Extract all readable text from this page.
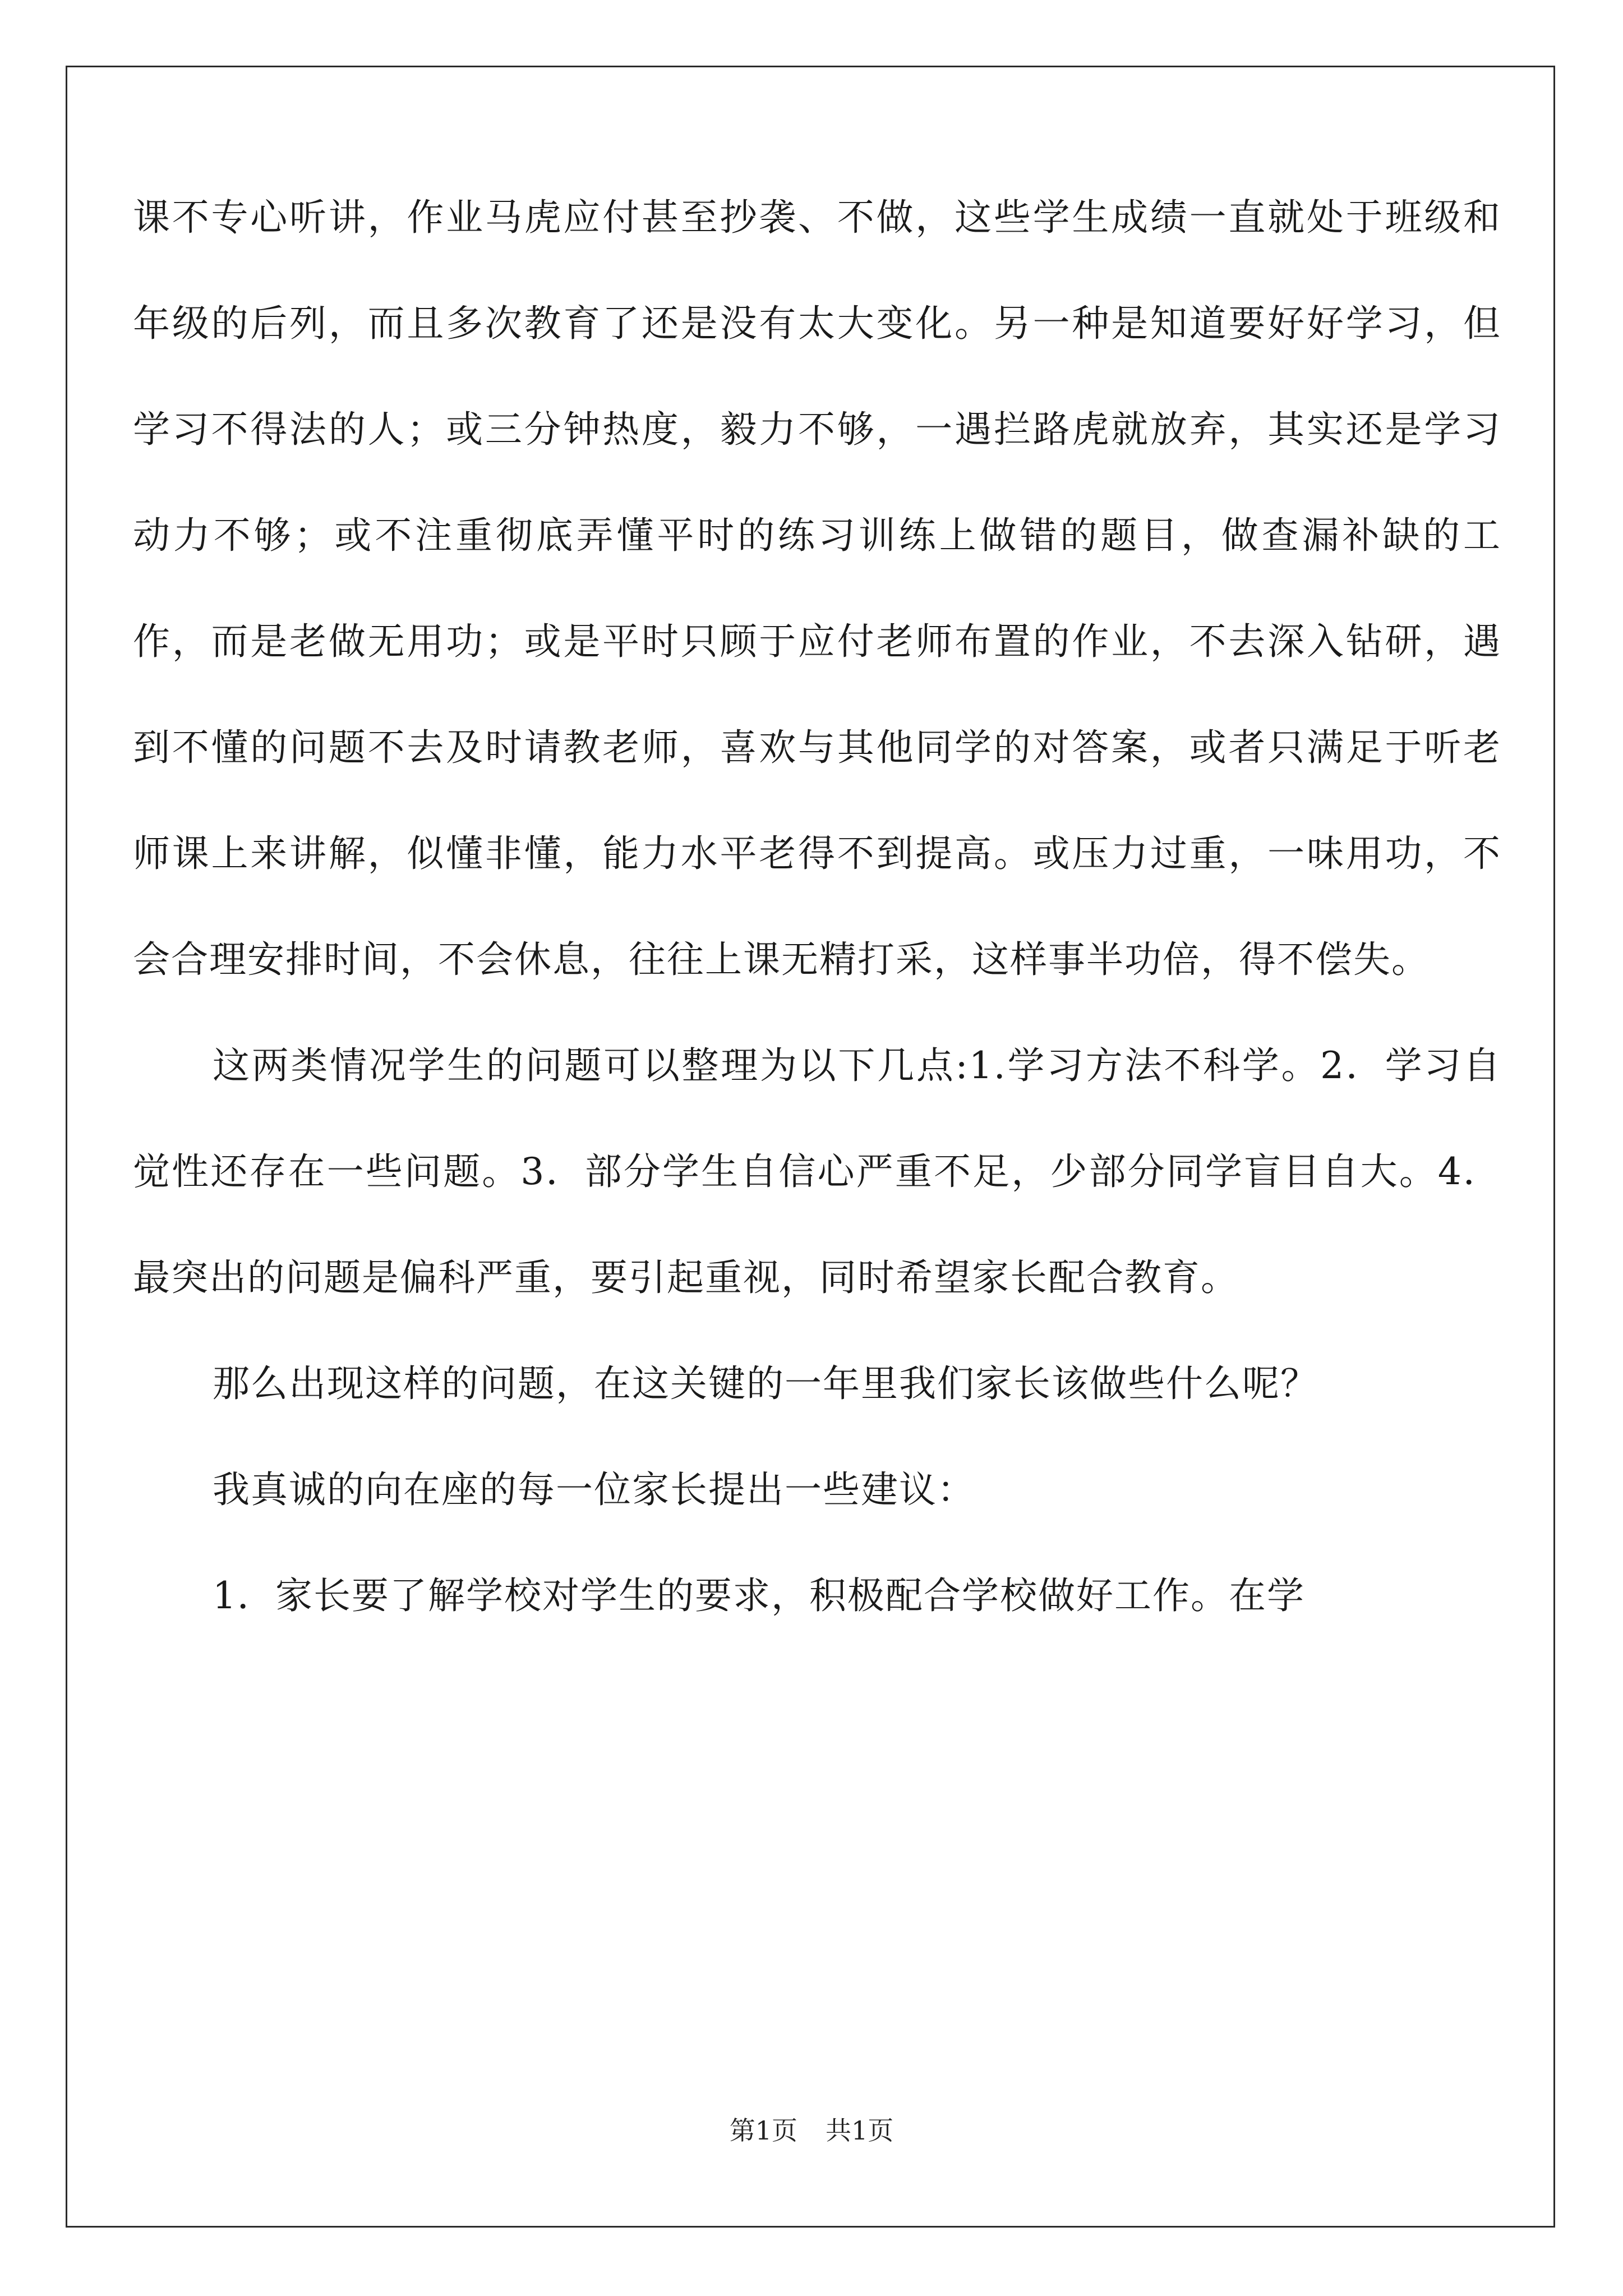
课不专心听讲，作业马虎应付甚至抄袭、不做，这些学生成绩一直就处于班级和年级的后列，而且多次教育了还是没有太大变化。另一种是知道要好好学习，但学习不得法的人；或三分钟热度，毅力不够，一遇拦路虎就放弃，其实还是学习动力不够；或不注重彻底弄懂平时的练习训练上做错的题目，做查漏补缺的工作，而是老做无用功；或是平时只顾于应付老师布置的作业，不去深入钻研，遇到不懂的问题不去及时请教老师，喜欢与其他同学的对答案，或者只满足于听老师课上来讲解，似懂非懂，能力水平老得不到提高。或压力过重，一味用功，不会合理安排时间，不会休息，往往上课无精打采，这样事半功倍，得不偿失。

这两类情况学生的问题可以整理为以下几点:1.学习方法不科学。2．学习自觉性还存在一些问题。3．部分学生自信心严重不足，少部分同学盲目自大。4．最突出的问题是偏科严重，要引起重视，同时希望家长配合教育。

那么出现这样的问题，在这关键的一年里我们家长该做些什么呢？

我真诚的向在座的每一位家长提出一些建议：

1．家长要了解学校对学生的要求，积极配合学校做好工作。在学

第1页 共1页
